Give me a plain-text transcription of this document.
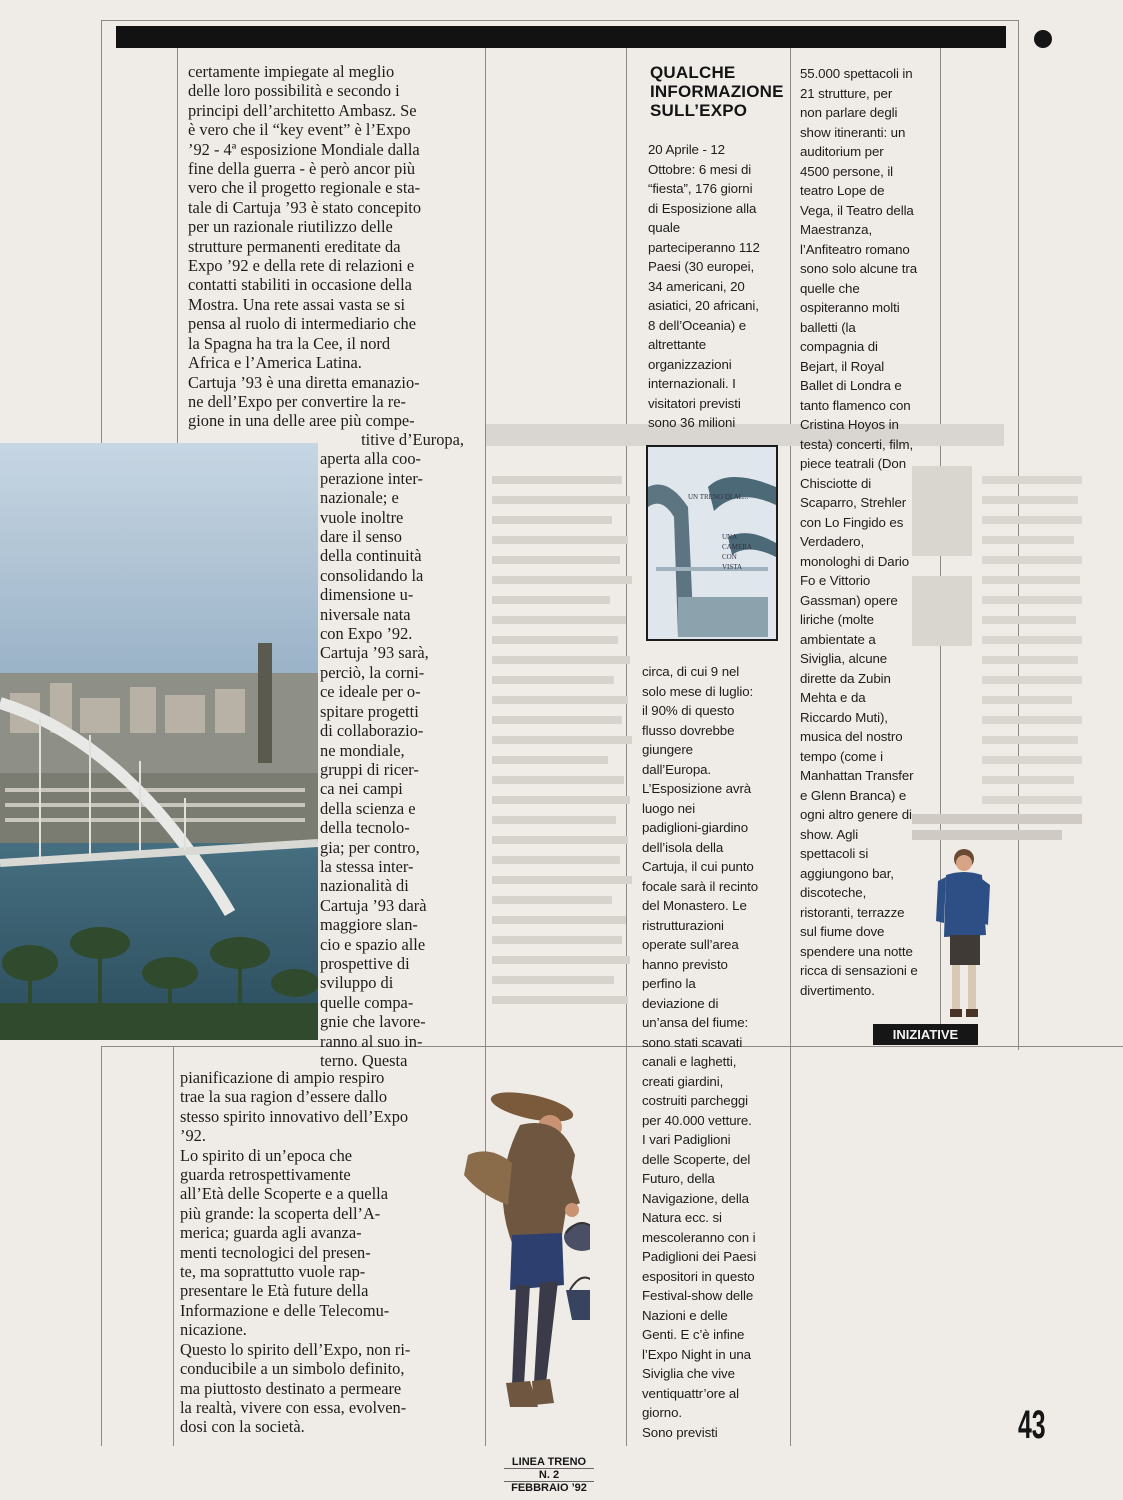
certamente impiegate al meglio

delle loro possibilità e secondo i

principi dell’architetto Ambasz. Se

è vero che il “key event” è l’Expo

’92 - 4ª esposizione Mondiale dalla

fine della guerra - è però ancor più

vero che il progetto regionale e sta-

tale di Cartuja ’93 è stato concepito

per un razionale riutilizzo delle

strutture permanenti ereditate da

Expo ’92 e della rete di relazioni e

contatti stabiliti in occasione della

Mostra. Una rete assai vasta se si

pensa al ruolo di intermediario che

la Spagna ha tra la Cee, il nord

Africa e l’America Latina.

Cartuja ’93 è una diretta emanazio-

ne dell’Expo per convertire la re-

gione in una delle aree più compe-

titive d’Europa,

aperta alla coo-

perazione inter-

nazionale; e

vuole inoltre

dare il senso

della continuità

consolidando la

dimensione u-

niversale nata

con Expo ’92.

Cartuja ’93 sarà,

perciò, la corni-

ce ideale per o-

spitare progetti

di collaborazio-

ne mondiale,

gruppi di ricer-

ca nei campi

della scienza e

della tecnolo-

gia; per contro,

la stessa inter-

nazionalità di

Cartuja ’93 darà

maggiore slan-

cio e spazio alle

prospettive di

sviluppo di

quelle compa-

gnie che lavore-

ranno al suo in-

terno. Questa

pianificazione di ampio respiro

trae la sua ragion d’essere dallo

stesso spirito innovativo dell’Expo

’92.

Lo spirito di un’epoca che

guarda retrospettivamente

all’Età delle Scoperte e a quella

più grande: la scoperta dell’A-

merica; guarda agli avanza-

menti tecnologici del presen-

te, ma soprattutto vuole rap-

presentare le Età future della

Informazione e delle Telecomu-

nicazione.

Questo lo spirito dell’Expo, non ri-

conducibile a un simbolo definito,

ma piuttosto destinato a permeare

la realtà, vivere con essa, evolven-

dosi con la società.

QUALCHE
INFORMAZIONE
SULL’EXPO

20 Aprile - 12

Ottobre: 6 mesi di

“fiesta”, 176 giorni

di Esposizione alla

quale

parteciperanno 112

Paesi (30 europei,

34 americani, 20

asiatici, 20 africani,

8 dell’Oceania) e

altrettante

organizzazioni

internazionali. I

visitatori previsti

sono 36 milioni

UN TRENO DI AL...
UNA
CAMERA
CON
VISTA

circa, di cui 9 nel

solo mese di luglio:

il 90% di questo

flusso dovrebbe

giungere

dall’Europa.

L’Esposizione avrà

luogo nei

padiglioni-giardino

dell’isola della

Cartuja, il cui punto

focale sarà il recinto

del Monastero. Le

ristrutturazioni

operate sull’area

hanno previsto

perfino la

deviazione di

un’ansa del fiume:

sono stati scavati

canali e laghetti,

creati giardini,

costruiti parcheggi

per 40.000 vetture.

I vari Padiglioni

delle Scoperte, del

Futuro, della

Navigazione, della

Natura ecc. si

mescoleranno con i

Padiglioni dei Paesi

espositori in questo

Festival-show delle

Nazioni e delle

Genti. E c’è infine

l’Expo Night in una

Siviglia che vive

ventiquattr’ore al

giorno.

Sono previsti

55.000 spettacoli in

21 strutture, per

non parlare degli

show itineranti: un

auditorium per

4500 persone, il

teatro Lope de

Vega, il Teatro della

Maestranza,

l’Anfiteatro romano

sono solo alcune tra

quelle che

ospiteranno molti

balletti (la

compagnia di

Bejart, il Royal

Ballet di Londra e

tanto flamenco con

Cristina Hoyos in

testa) concerti, film,

piece teatrali (Don

Chisciotte di

Scaparro, Strehler

con Lo Fingido es

Verdadero,

monologhi di Dario

Fo e Vittorio

Gassman) opere

liriche (molte

ambientate a

Siviglia, alcune

dirette da Zubin

Mehta e da

Riccardo Muti),

musica del nostro

tempo (come i

Manhattan Transfer

e Glenn Branca) e

ogni altro genere di

show. Agli

spettacoli si

aggiungono bar,

discoteche,

ristoranti, terrazze

sul fiume dove

spendere una notte

ricca di sensazioni e

divertimento.

INIZIATIVE
43
LINEA TRENO
N. 2
FEBBRAIO ’92
